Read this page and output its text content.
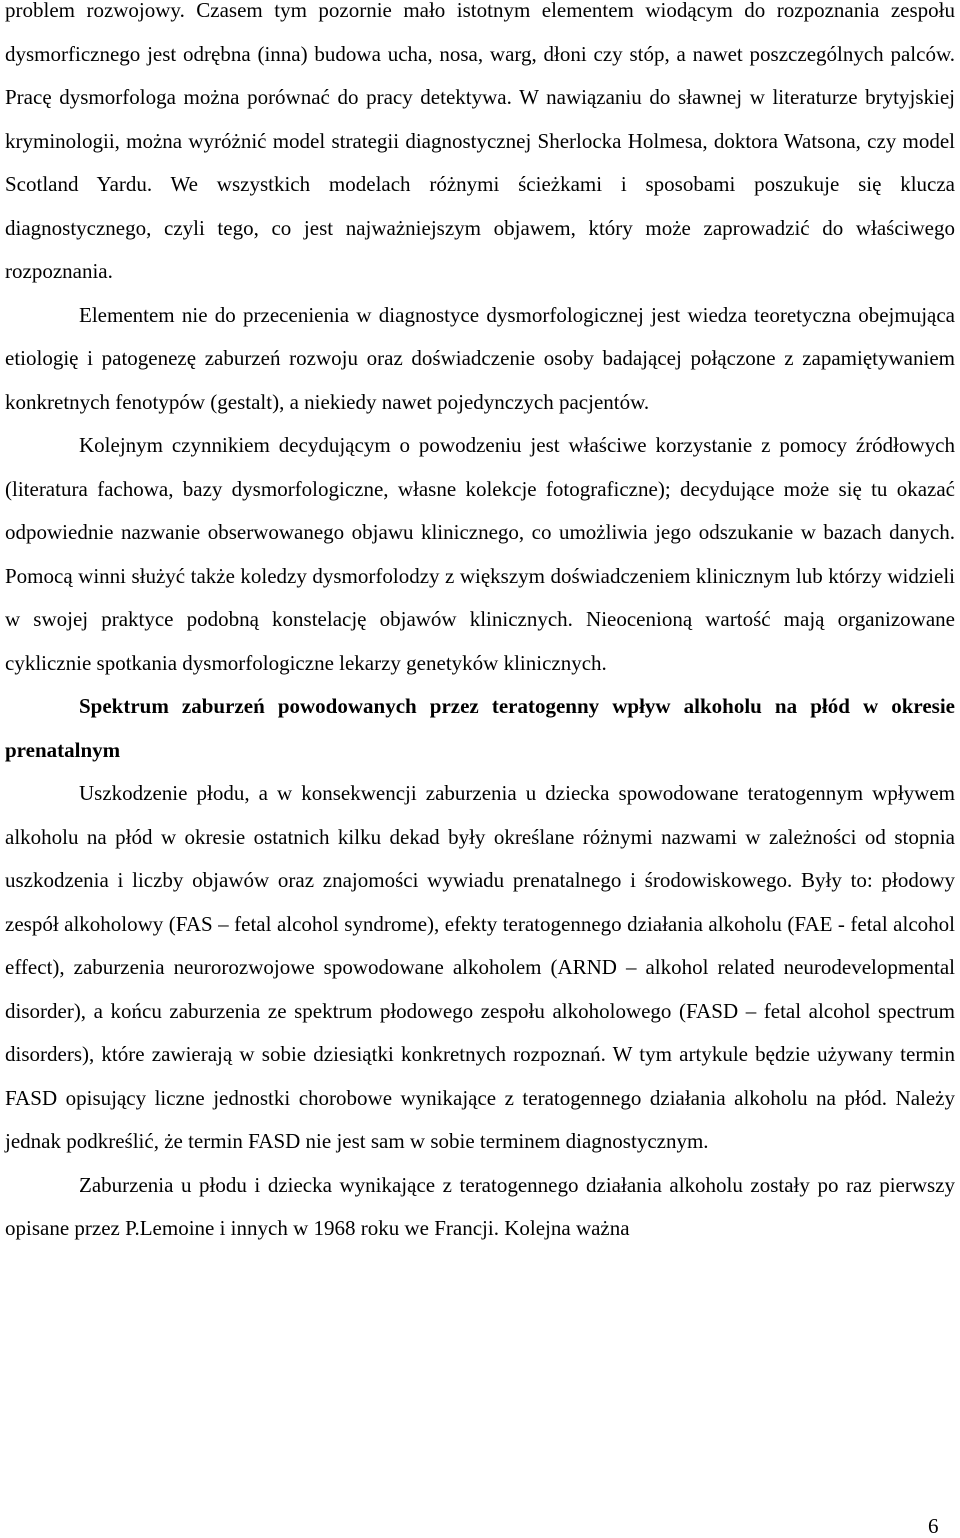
problem rozwojowy. Czasem tym pozornie mało istotnym elementem wiodącym do rozpoznania zespołu dysmorficznego jest odrębna (inna) budowa ucha, nosa, warg, dłoni czy stóp, a nawet poszczególnych palców. Pracę dysmorfologa można porównać do pracy detektywa. W nawiązaniu do sławnej w literaturze brytyjskiej kryminologii, można wyróżnić model strategii diagnostycznej Sherlocka Holmesa, doktora Watsona, czy model Scotland Yardu. We wszystkich modelach różnymi ścieżkami i sposobami poszukuje się klucza diagnostycznego, czyli tego, co jest najważniejszym objawem, który może zaprowadzić do właściwego rozpoznania.

Elementem nie do przecenienia w diagnostyce dysmorfologicznej jest wiedza teoretyczna obejmująca etiologię i patogenezę zaburzeń rozwoju oraz doświadczenie osoby badającej połączone z zapamiętywaniem konkretnych fenotypów (gestalt), a niekiedy nawet pojedynczych pacjentów.

Kolejnym czynnikiem decydującym o powodzeniu jest właściwe korzystanie z pomocy źródłowych (literatura fachowa, bazy dysmorfologiczne, własne kolekcje fotograficzne); decydujące może się tu okazać odpowiednie nazwanie obserwowanego objawu klinicznego, co umożliwia jego odszukanie w bazach danych. Pomocą winni służyć także koledzy dysmorfolodzy z większym doświadczeniem klinicznym lub którzy widzieli w swojej praktyce podobną konstelację objawów klinicznych. Nieocenioną wartość mają organizowane cyklicznie spotkania dysmorfologiczne lekarzy genetyków klinicznych.

Spektrum zaburzeń powodowanych przez teratogenny wpływ alkoholu na płód w okresie prenatalnym

Uszkodzenie płodu, a w konsekwencji zaburzenia u dziecka spowodowane teratogennym wpływem alkoholu na płód w okresie ostatnich kilku dekad były określane różnymi nazwami w zależności od stopnia uszkodzenia i liczby objawów oraz znajomości wywiadu prenatalnego i środowiskowego. Były to: płodowy zespół alkoholowy (FAS – fetal alcohol syndrome), efekty teratogennego działania alkoholu (FAE - fetal alcohol effect), zaburzenia neurorozwojowe spowodowane alkoholem (ARND – alkohol related neurodevelopmental disorder), a końcu zaburzenia ze spektrum płodowego zespołu alkoholowego (FASD – fetal alcohol spectrum disorders), które zawierają w sobie dziesiątki konkretnych rozpoznań. W tym artykule będzie używany termin FASD opisujący liczne jednostki chorobowe wynikające z teratogennego działania alkoholu na płód. Należy jednak podkreślić, że termin FASD nie jest sam w sobie terminem diagnostycznym.

Zaburzenia u płodu i dziecka wynikające z teratogennego działania alkoholu zostały po raz pierwszy opisane przez P.Lemoine i innych w 1968 roku we Francji. Kolejna ważna

6
